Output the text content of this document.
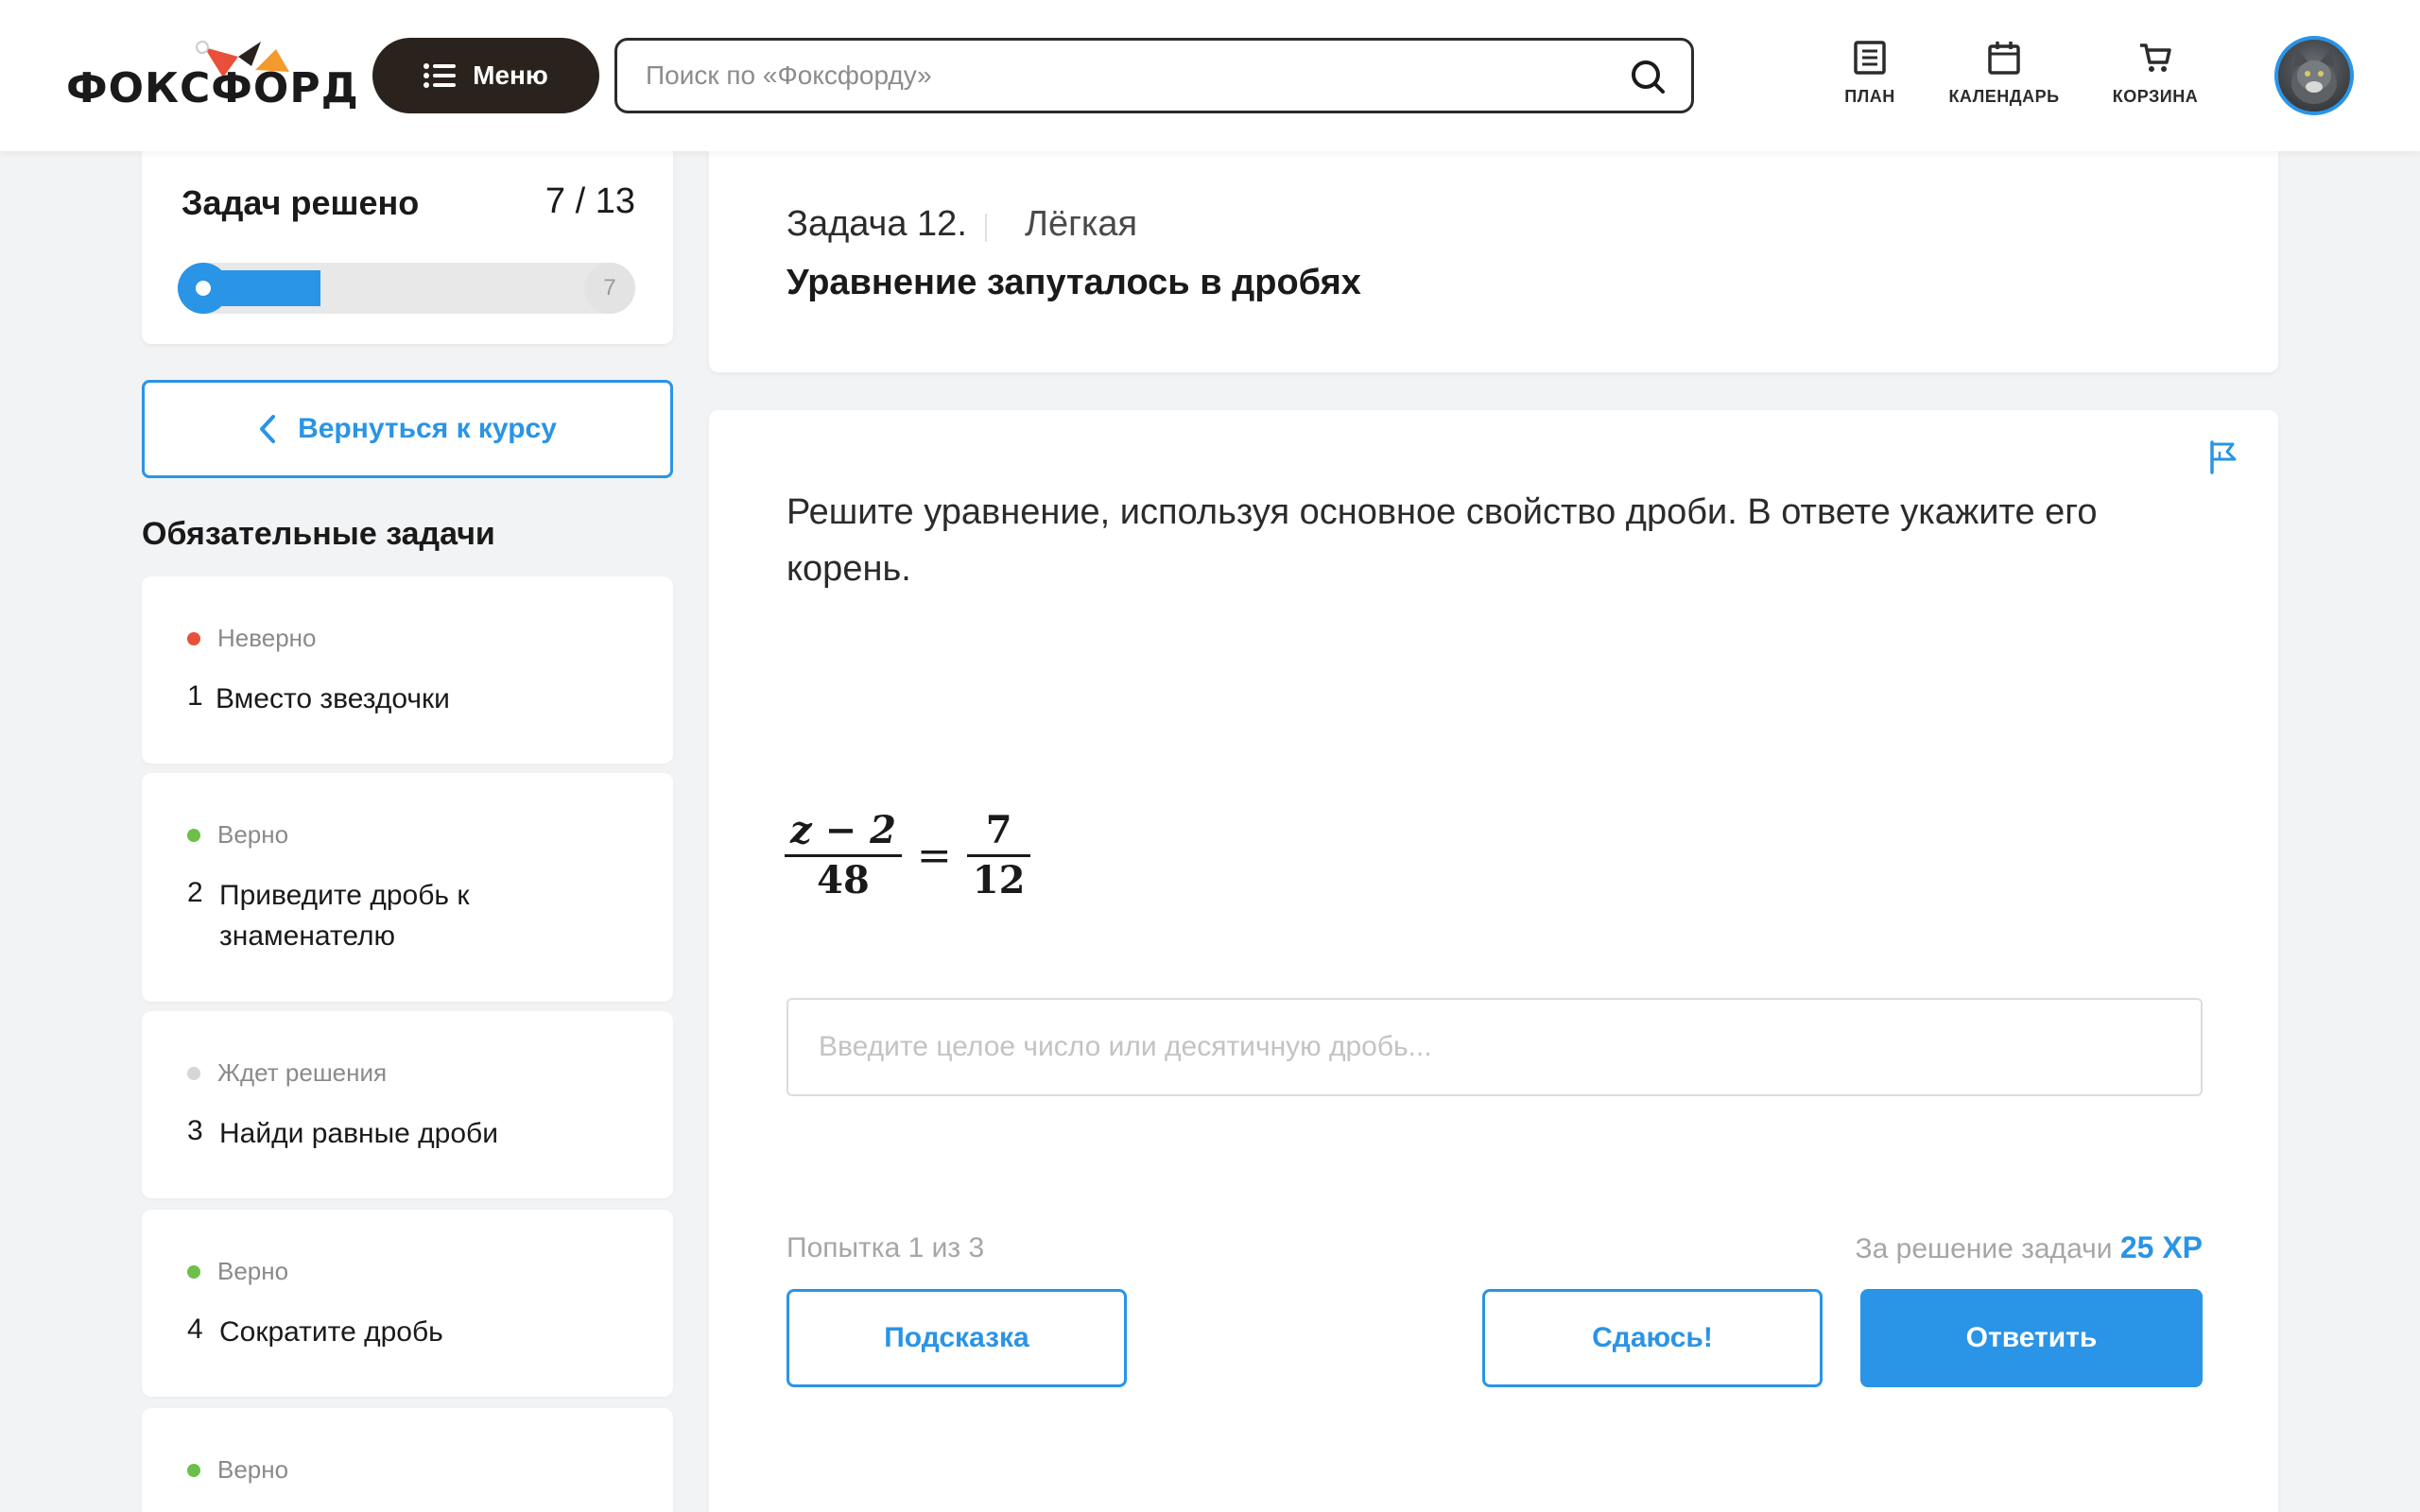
ФОКСФОРД	Меню
Поиск по «Фоксфорду»
ПЛАН	КАЛЕНДАРЬ	КОРЗИНА
Задач решено	7 / 13
7
Вернуться к курсу
Обязательные задачи
Неверно
1 Вместо звездочки
Верно
2 Приведите дробь к знаменателю
Ждет решения
3 Найди равные дроби
Верно
4 Сократите дробь
Верно
Задача 12. Лёгкая
Уравнение запуталось в дробях
Решите уравнение, используя основное свойство дроби. В ответе укажите его корень.
$\frac{z - 2}{48} = \frac{7}{12}$
Введите целое число или десятичную дробь...
Попытка 1 из 3	За решение задачи 25 XP
Подсказка	Сдаюсь!	Ответить
